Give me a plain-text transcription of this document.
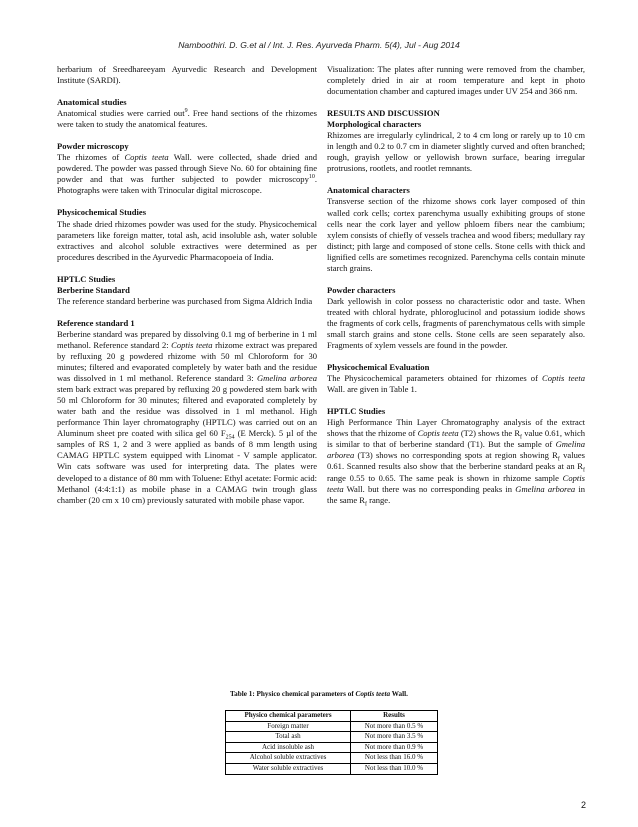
Namboothiri. D. G.et al / Int. J. Res. Ayurveda Pharm. 5(4), Jul - Aug 2014

herbarium of Sreedhareeyam Ayurvedic Research and Development Institute (SARDI).

Anatomical studies

Anatomical studies were carried out$^9$. Free hand sections of the rhizomes were taken to study the anatomical features.

Powder microscopy

The rhizomes of Coptis teeta Wall. were collected, shade dried and powdered. The powder was passed through Sieve No. 60 for obtaining fine powder and that was further subjected to powder microscopy$^{10}$. Photographs were taken with Trinocular digital microscope.

Physicochemical Studies

The shade dried rhizomes powder was used for the study. Physicochemical parameters like foreign matter, total ash, acid insoluble ash, water soluble extractives and alcohol soluble extractives were determined as per procedures described in the Ayurvedic Pharmacopoeia of India.

HPTLC Studies
Berberine Standard

The reference standard berberine was purchased from Sigma Aldrich India

Reference standard 1

Berberine standard was prepared by dissolving 0.1 mg of berberine in 1 ml methanol. Reference standard 2: Coptis teeta rhizome extract was prepared by refluxing 20 g powdered rhizome with 50 ml Chloroform for 30 minutes; filtered and evaporated completely by water bath and the residue was dissolved in 1 ml methanol. Reference standard 3: Gmelina arborea stem bark extract was prepared by refluxing 20 g powdered stem bark with 50 ml Chloroform for 30 minutes; filtered and evaporated completely by water bath and the residue was dissolved in 1 ml methanol. High performance Thin layer chromatography (HPTLC) was carried out on an Aluminum sheet pre coated with silica gel 60 $F_{254}$ (E Merck). 5 µl of the samples of RS 1, 2 and 3 were applied as bands of 8 mm length using CAMAG HPTLC system equipped with Linomat - V sample applicator. Win cats software was used for interpreting data. The plates were developed to a distance of 80 mm with Toluene: Ethyl acetate: Formic acid: Methanol (4:4:1:1) as mobile phase in a CAMAG twin trough glass chamber (20 cm x 10 cm) previously saturated with mobile phase vapor.

Visualization: The plates after running were removed from the chamber, completely dried in air at room temperature and kept in photo documentation chamber and captured images under UV 254 and 366 nm.

RESULTS AND DISCUSSION
Morphological characters

Rhizomes are irregularly cylindrical, 2 to 4 cm long or rarely up to 10 cm in length and 0.2 to 0.7 cm in diameter slightly curved and often branched; rough, grayish yellow or yellowish brown surface, bearing irregular protrusions, rootlets, and rootlet remnants.

Anatomical characters

Transverse section of the rhizome shows cork layer composed of thin walled cork cells; cortex parenchyma usually exhibiting groups of stone cells near the cork layer and yellow phloem fibers near the cambium; xylem consists of chiefly of vessels trachea and wood fibers; medullary ray distinct; pith large and composed of stone cells. Stone cells with thick and lignified cells are sometimes recognized. Parenchyma cells contain minute starch grains.

Powder characters

Dark yellowish in color possess no characteristic odor and taste. When treated with chloral hydrate, phloroglucinol and potassium iodide shows the fragments of cork cells, fragments of parenchymatous cells with simple small starch grains and stone cells. Stone cells are seen separately also. Fragments of xylem vessels are found in the powder.

Physicochemical Evaluation

The Physicochemical parameters obtained for rhizomes of Coptis teeta Wall. are given in Table 1.

HPTLC Studies

High Performance Thin Layer Chromatography analysis of the extract shows that the rhizome of Coptis teeta (T2) shows the $R_f$ value 0.61, which is similar to that of berberine standard (T1). But the sample of Gmelina arborea (T3) shows no corresponding spots at region showing $R_f$ values 0.61. Scanned results also show that the berberine standard peaks at an $R_f$ range 0.55 to 0.65. The same peak is shown in rhizome sample Coptis teeta Wall. but there was no corresponding peaks in Gmelina arborea in the same $R_f$ range.

Table 1: Physico chemical parameters of Coptis teeta Wall.
Physico chemical parameters	Results
Foreign matter	Not more than 0.5 %
Total ash	Not more than 3.5 %
Acid insoluble ash	Not more than 0.9 %
Alcohol soluble extractives	Not less than 16.0 %
Water soluble extractives	Not less than 10.0 %
2
